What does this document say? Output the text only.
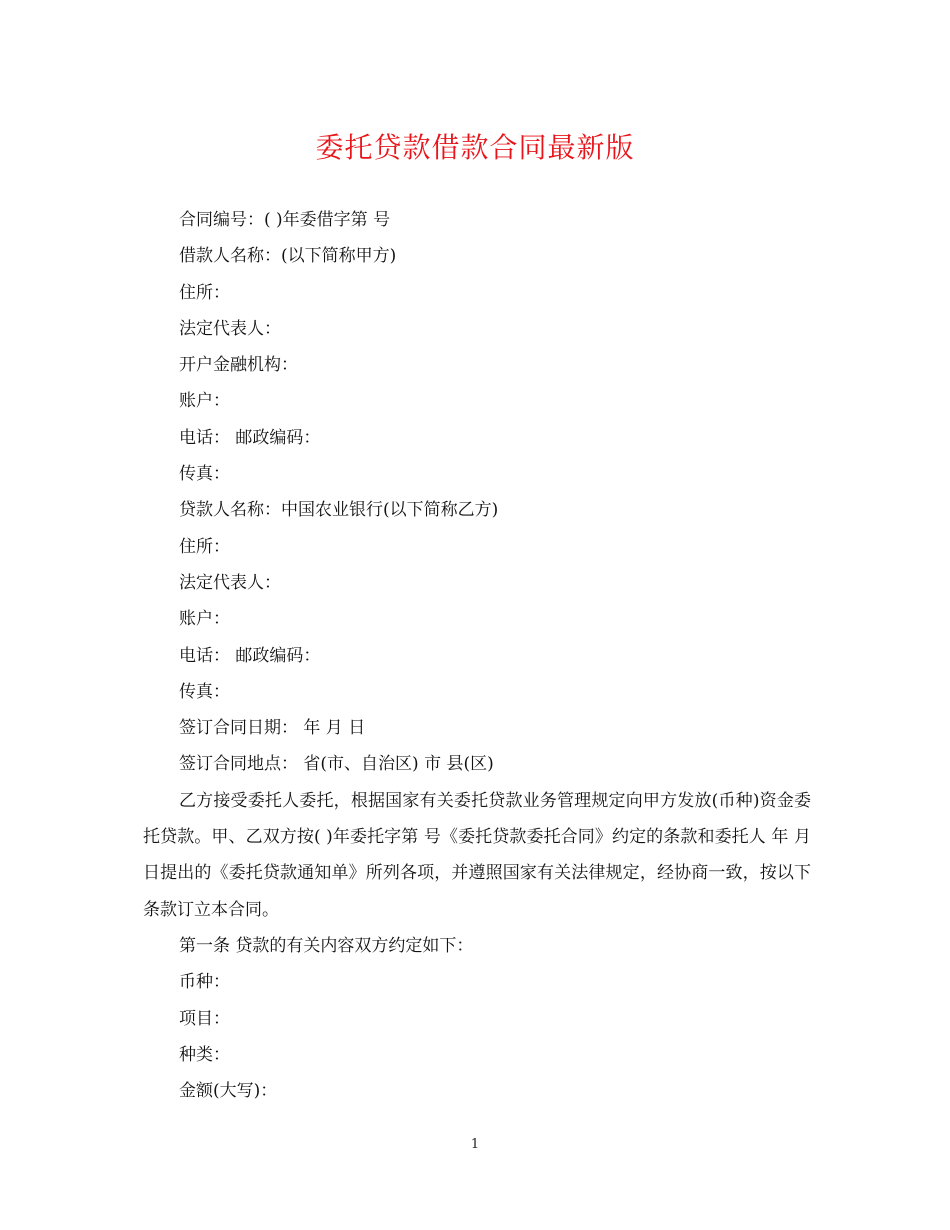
委托贷款借款合同最新版
合同编号：( )年委借字第 号
借款人名称：(以下简称甲方)
住所：
法定代表人：
开户金融机构：
账户：
电话： 邮政编码：
传真：
贷款人名称：中国农业银行(以下简称乙方)
住所：
法定代表人：
账户：
电话： 邮政编码：
传真：
签订合同日期： 年 月 日
签订合同地点： 省(市、自治区) 市 县(区)
乙方接受委托人委托，根据国家有关委托贷款业务管理规定向甲方发放(币种)资金委托贷款。甲、乙双方按( )年委托字第 号《委托贷款委托合同》约定的条款和委托人 年 月 日提出的《委托贷款通知单》所列各项，并遵照国家有关法律规定，经协商一致，按以下条款订立本合同。
第一条 贷款的有关内容双方约定如下：
币种：
项目：
种类：
金额(大写)：
1
